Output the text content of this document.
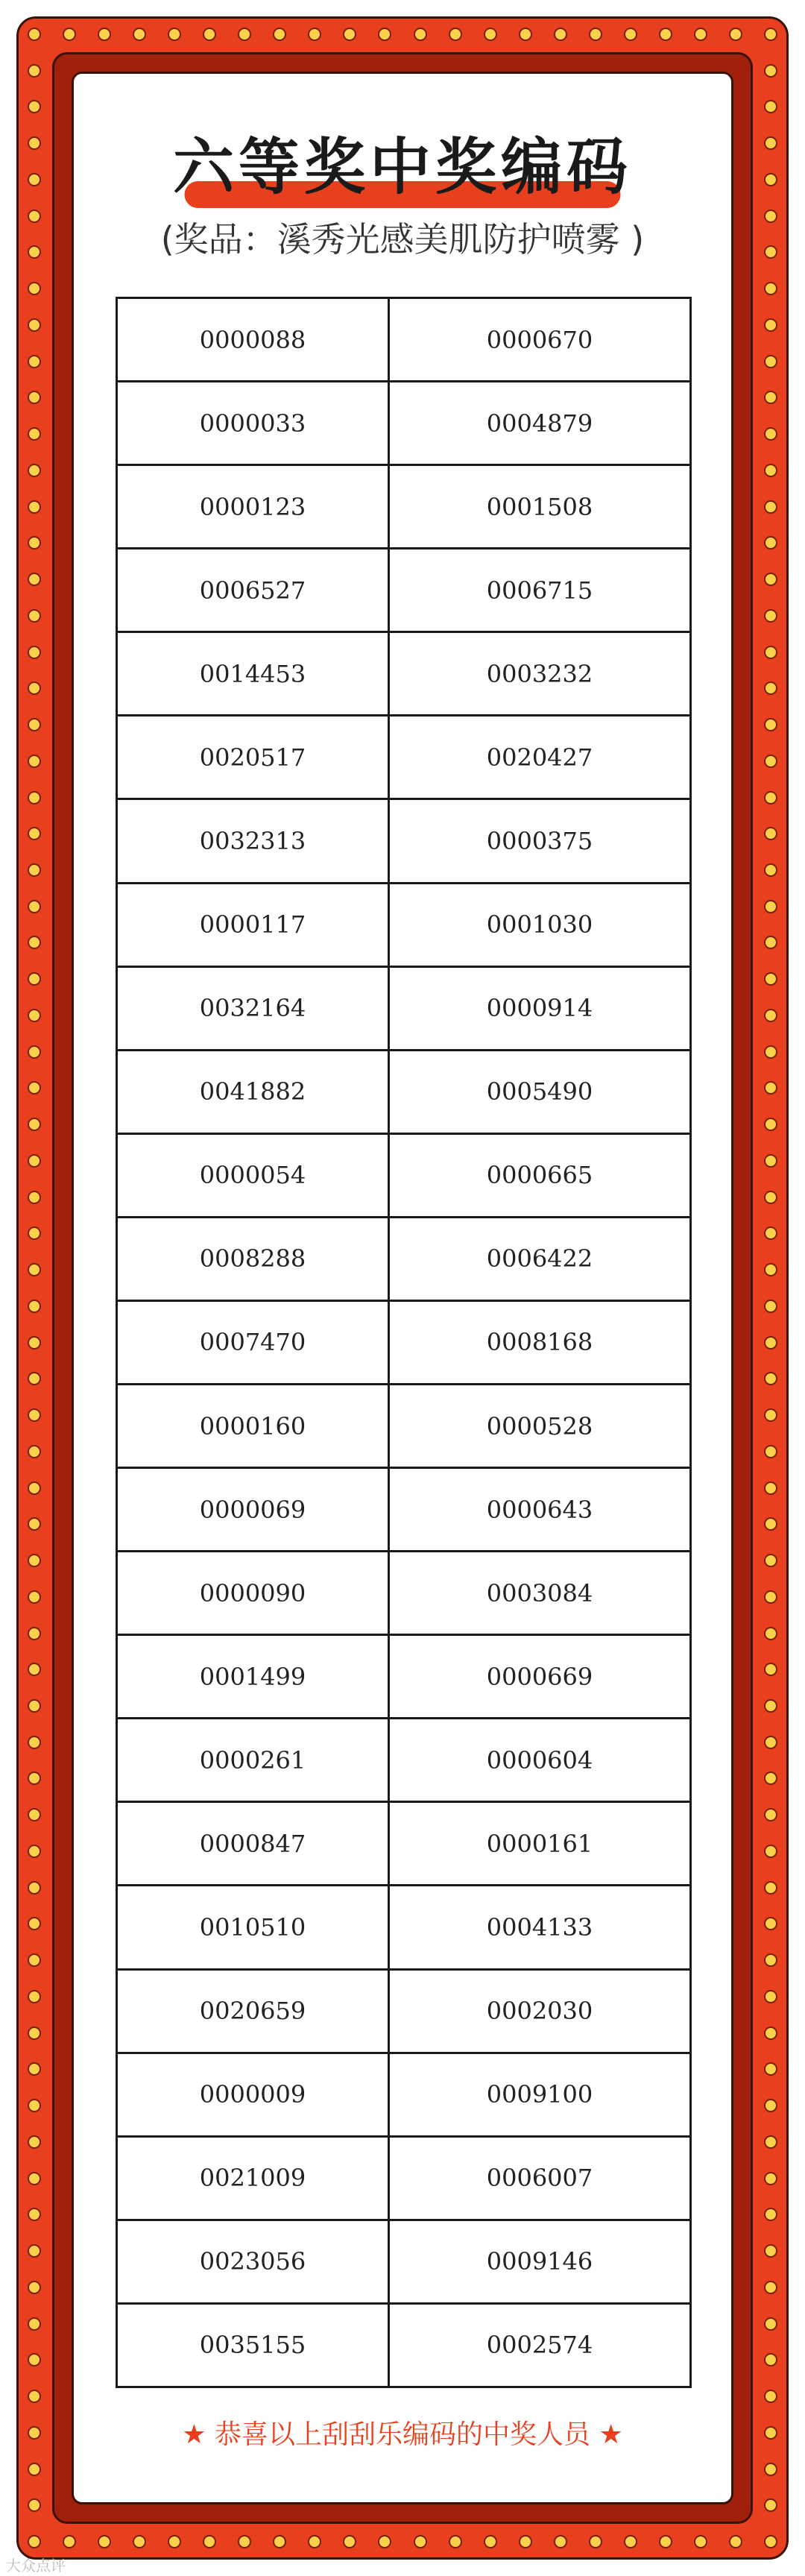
六等奖中奖编码
(奖品：溪秀光感美肌防护喷雾 )
0000088	0000670
0000033	0004879
0000123	0001508
0006527	0006715
0014453	0003232
0020517	0020427
0032313	0000375
0000117	0001030
0032164	0000914
0041882	0005490
0000054	0000665
0008288	0006422
0007470	0008168
0000160	0000528
0000069	0000643
0000090	0003084
0001499	0000669
0000261	0000604
0000847	0000161
0010510	0004133
0020659	0002030
0000009	0009100
0021009	0006007
0023056	0009146
0035155	0002574
★ 恭喜以上刮刮乐编码的中奖人员 ★
大众点评
